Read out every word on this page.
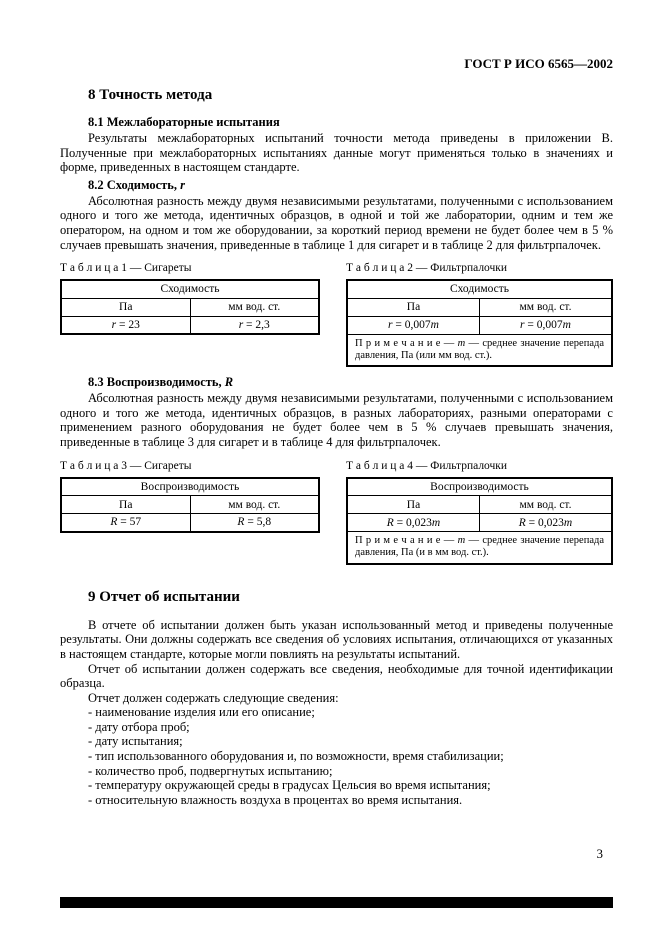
ГОСТ Р ИСО 6565—2002
8 Точность метода
8.1 Межлабораторные испытания

Результаты межлабораторных испытаний точности метода приведены в приложении В. Полученные при межлабораторных испытаниях данные могут применяться только в значениях и форме, приведенных в настоящем стандарте.

8.2 Сходимость, r

Абсолютная разность между двумя независимыми результатами, полученными с использованием одного и того же метода, идентичных образцов, в одной и той же лаборатории, одним и тем же оператором, на одном и том же оборудовании, за короткий период времени не будет более чем в 5 % случаев превышать значения, приведенные в таблице 1 для сигарет и в таблице 2 для фильтрпалочек.

Т а б л и ц а 1 — Сигареты
Сходимость	
Па	мм вод. ст.
r = 23	r = 2,3
Т а б л и ц а 2 — Фильтрпалочки
Сходимость	
Па	мм вод. ст.
r = 0,007m	r = 0,007m
П р и м е ч а н и е — m — среднее значение перепада давления, Па (или мм вод. ст.).	
8.3 Воспроизводимость, R

Абсолютная разность между двумя независимыми результатами, полученными с использованием одного и того же метода, идентичных образцов, в разных лабораториях, разными операторами с применением разного оборудования не будет более чем в 5 % случаев превышать значения, приведенные в таблице 3 для сигарет и в таблице 4 для фильтрпалочек.

Т а б л и ц а 3 — Сигареты
Воспроизводимость	
Па	мм вод. ст.
R = 57	R = 5,8
Т а б л и ц а 4 — Фильтрпалочки
Воспроизводимость	
Па	мм вод. ст.
R = 0,023m	R = 0,023m
П р и м е ч а н и е — m — среднее значение перепада давления, Па (и в мм вод. ст.).	
9 Отчет об испытании

В отчете об испытании должен быть указан использованный метод и приведены полученные результаты. Они должны содержать все сведения об условиях испытания, отличающихся от указанных в настоящем стандарте, которые могли повлиять на результаты испытаний.

Отчет об испытании должен содержать все сведения, необходимые для точной идентификации образца.

Отчет должен содержать следующие сведения:

- наименование изделия или его описание;

- дату отбора проб;

- дату испытания;

- тип использованного оборудования и, по возможности, время стабилизации;

- количество проб, подвергнутых испытанию;

- температуру окружающей среды в градусах Цельсия во время испытания;

- относительную влажность воздуха в процентах во время испытания.

3
